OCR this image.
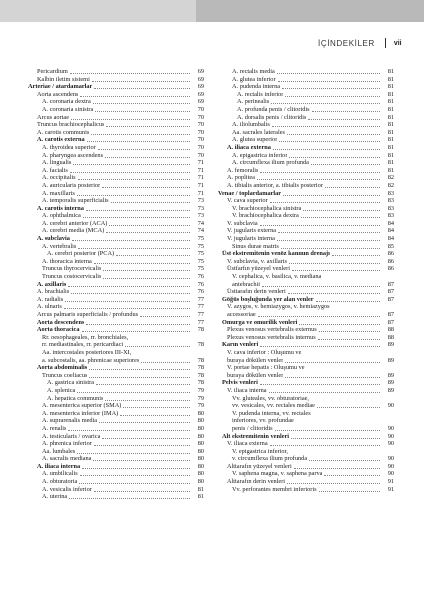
İÇİNDEKİLER	vii
Pericardium	69
Kalbin iletim sistemi	69
Arteriae / atardamarlar	69
Aorta ascendens	69
A. coronaria dextra	69
A. coronaria sinistra	70
Arcus aortae	70
Truncus brachiocephalicus	70
A. carotis communis	70
A. carotis externa	70
A. thyroidea superior	70
A. pharyngea ascendens	70
A. lingualis	71
A. facialis	71
A. occipitalis	71
A. auricularis posterior	71
A. maxillaris	71
A. temporalis superficialis	73
A. carotis interna	73
A. ophthalmica	73
A. cerebri anterior (ACA)	74
A. cerebri media (MCA)	74
A. subclavia	75
A. vertebralis	75
A. cerebri posterior (PCA)	75
A. thoracica interna	75
Truncus thyrocervicalis	75
Truncus costocervicalis	76
A. axillaris	76
A. brachialis	76
A. radialis	77
A. ulnaris	77
Arcus palmaris superficialis / profundus	77
Aorta descendens	77
Aorta thoracica	78
Rr. oesophageales, rr. bronchiales,
rr. mediastinales, rr. pericardiaci	78
Aa. intercostales posteriores III-XI,
a. subcostalis, aa. phrenicae superiores	78
Aorta abdominalis	78
Truncus coeliacus	78
A. gastrica sinistra	78
A. splenica	79
A. hepatica communis	79
A. mesenterica superior (SMA)	79
A. mesenterica inferior (IMA)	80
A. suprarenalis media	80
A. renalis	80
A. testicularis / ovarica	80
A. phrenica inferior	80
Aa. lumbales	80
A. sacralis mediana	80
A. iliaca interna	80
A. umbilicalis	80
A. obturatoria	80
A. vesicalis inferior	81
A. uterina	81
A. rectalis media	81
A. glutea inferior	81
A. pudenda interna	81
A. rectalis inferior	81
A. perinealis	81
A. profunda penis / clitoridis	81
A. dorsalis penis / clitoridis	81
A. iliolumbalis	81
Aa. sacrales laterales	81
A. glutea superior	81
A. iliaca externa	81
A. epigastrica inferior	81
A. circumflexa ilium profunda	81
A. femoralis	81
A. poplitea	82
A. tibialis anterior, a. tibialis posterior	82
Venae / toplardamarlar	83
V. cava superior	83
V. brachiocephalica sinistra	83
V. brachiocephalica dextra	83
V. subclavia	84
V. jugularis externa	84
V. jugularis interna	84
Sinus durae matris	85
Üst ekstremitenin venöz kanının drenajı	86
V. subclavia, v. axillaris	86
Üstfarfın yüzeyel venleri	86
V. cephalica, v. basilica, v. mediana
antebrachii	87
Üsttarafın derin venleri	87
Göğüs boşluğunda yer alan venler	87
V. azygos, v. hemiazygos, v. hemiazygos
accessoriae	87
Omurga ve omurilik venleri	87
Plexus venosus vertebralis externus	88
Plexus venosus vertebralis internus	88
Karın venleri	89
V. cava inferior : Oluşumu ve
buraya dökülen venler	89
V. portae hepatis : Oluşumu ve
buraya dökülen venler	89
Pelvis venleri	89
V. iliaca interna	89
Vv. gluteales, vv. obturatoriae,
vv. vesicales, vv. rectales mediae	90
V. pudenda interna, vv. rectales
inferiores, vv. profundae
penis / clitoridis	90
Alt ekstremitenin venleri	90
V. iliaca externa	90
V. epigastrica inferior,
v. circumflexa ilium profunda	90
Alttarafın yüzeyel venleri	90
V. saphena magna, v. saphena parva	90
Alttarafın derin venleri	91
Vv. perforantes membri inferioris	91
